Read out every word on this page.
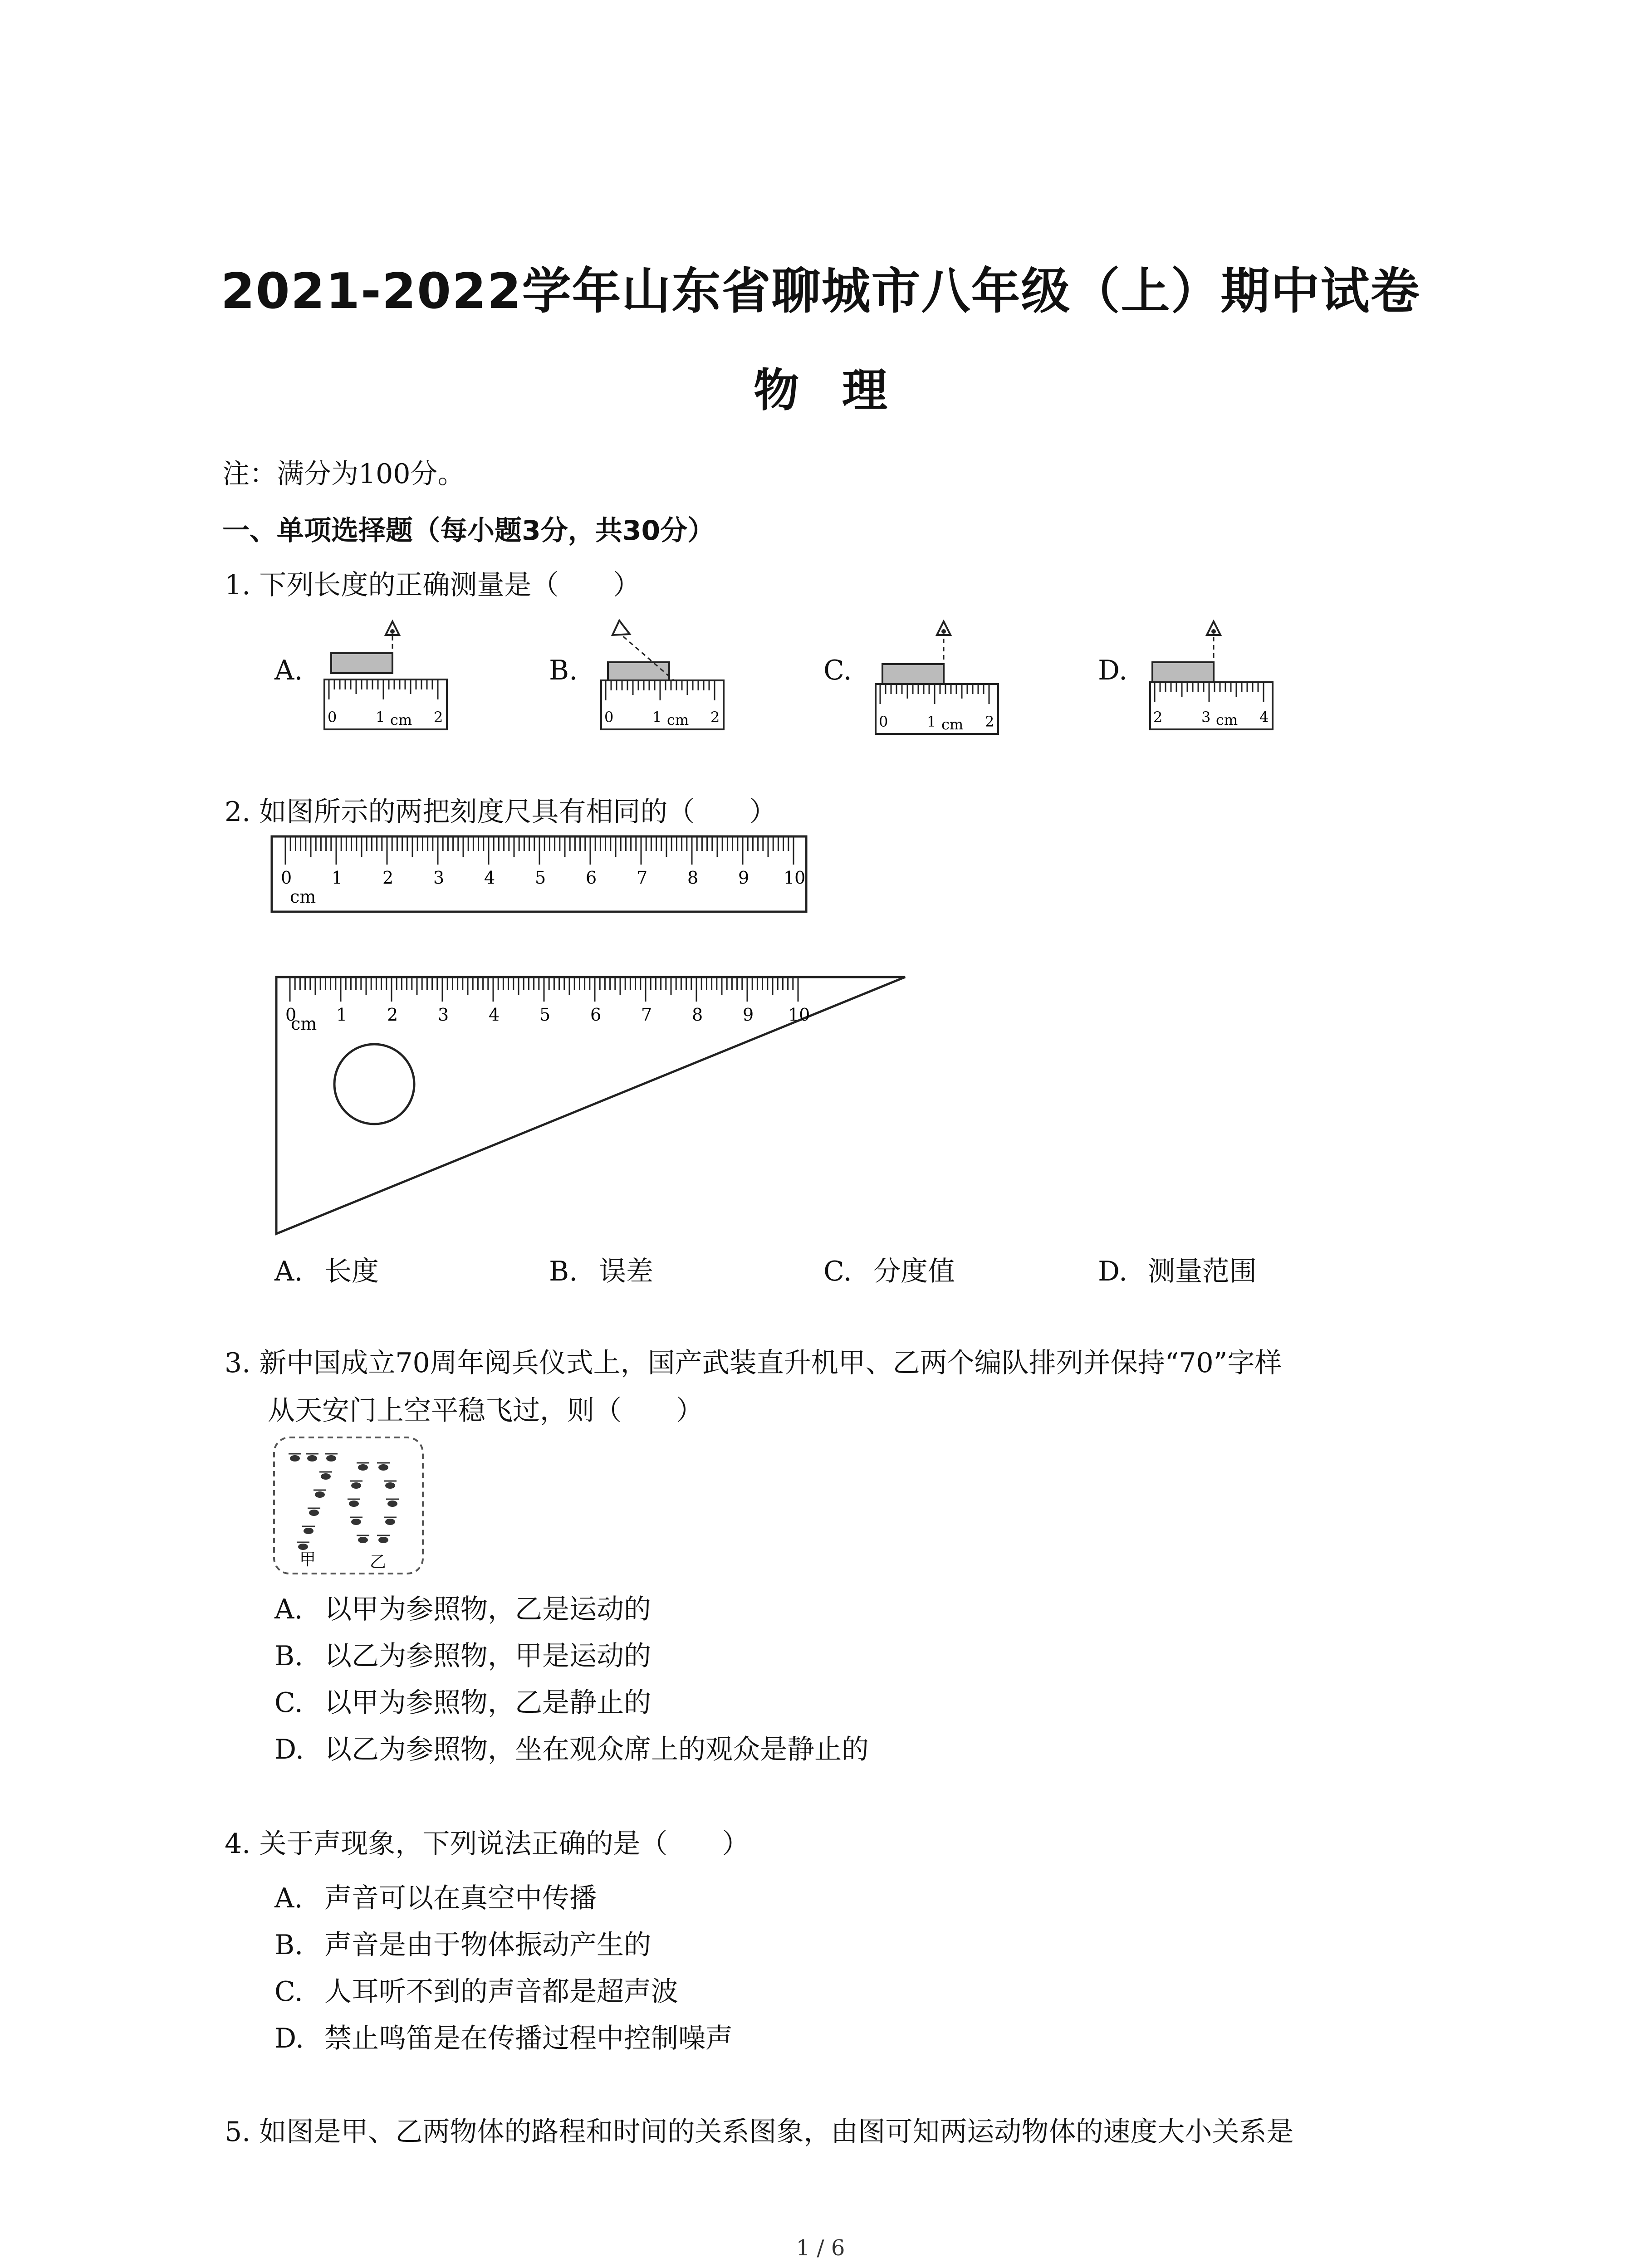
2021-2022学年山东省聊城市八年级（上）期中试卷
物 理
注：满分为100分。
一、单项选择题（每小题3分，共30分）
1. 下列长度的正确测量是（　　）
A.	B.	C.	D.
0	1 cm 2	0	1 cm 2	0	1 cm 2	2	3 cm 4
2. 如图所示的两把刻度尺具有相同的（　　）
0 1 2 3 4 5 6 7 8 9 10
cm
0 1 2 3 4 5 6 7 8 9 10
cm
A. 长度	B. 误差	C. 分度值	D. 测量范围
3. 新中国成立70周年阅兵仪式上，国产武装直升机甲、乙两个编队排列并保持“70”字样
从天安门上空平稳飞过，则（　　）
甲	乙
A. 以甲为参照物，乙是运动的
B. 以乙为参照物，甲是运动的
C. 以甲为参照物，乙是静止的
D. 以乙为参照物，坐在观众席上的观众是静止的
4. 关于声现象，下列说法正确的是（　　）
A. 声音可以在真空中传播
B. 声音是由于物体振动产生的
C. 人耳听不到的声音都是超声波
D. 禁止鸣笛是在传播过程中控制噪声
5. 如图是甲、乙两物体的路程和时间的关系图象，由图可知两运动物体的速度大小关系是
1 / 6
